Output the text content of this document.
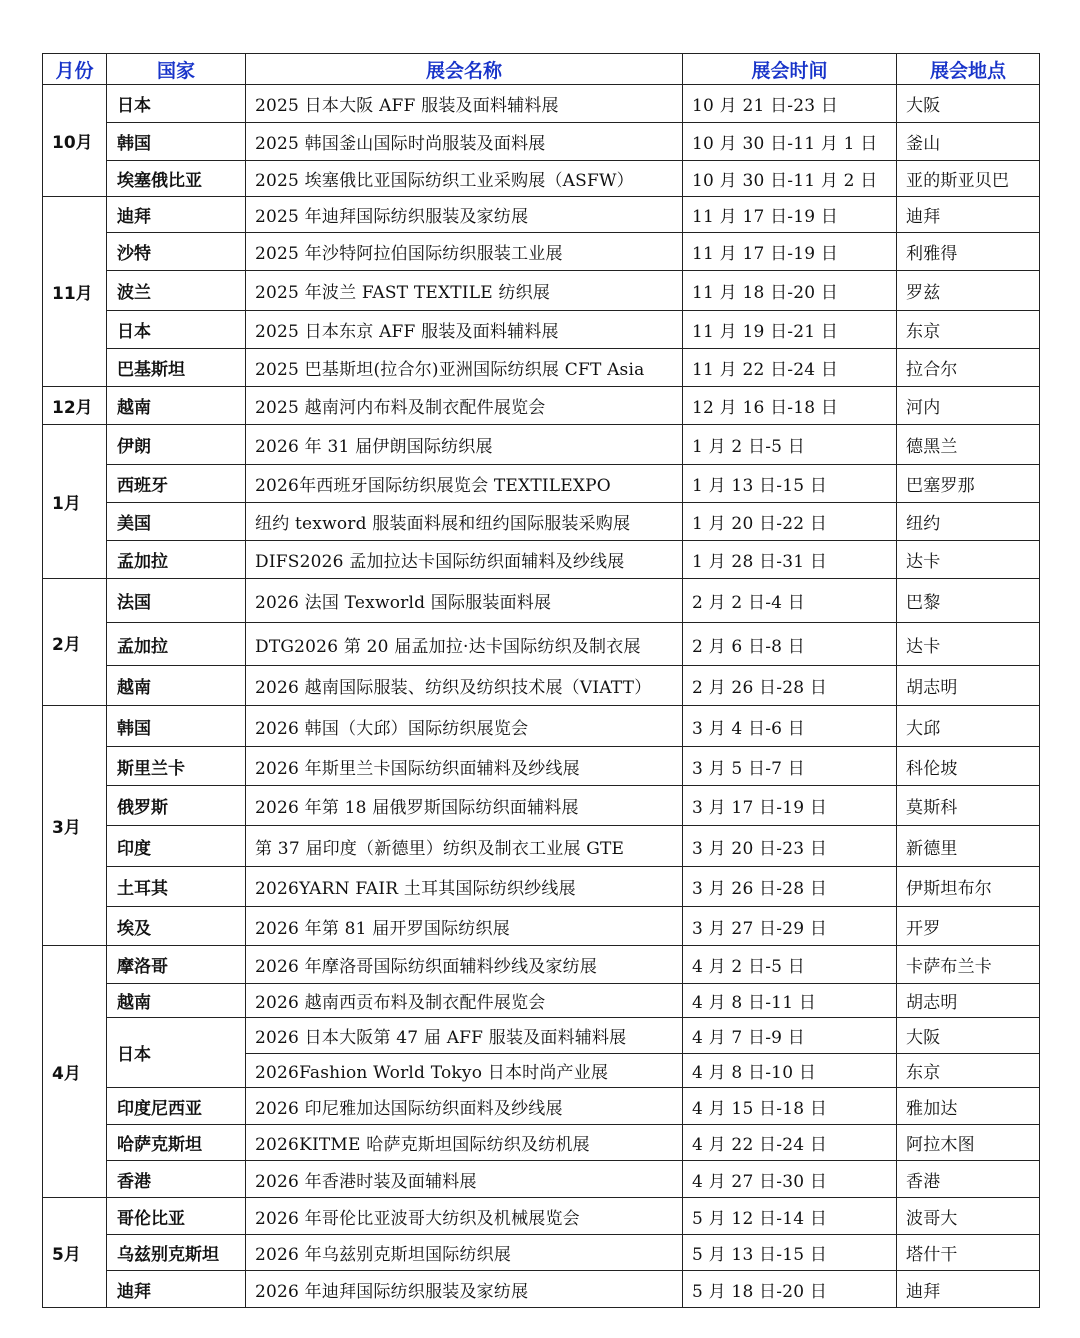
月份	国家	展会名称	展会时间	展会地点
10月	日本	2025 日本大阪 AFF 服装及面料辅料展	10 月 21 日-23 日	大阪
	韩国	2025 韩国釜山国际时尚服装及面料展	10 月 30 日-11 月 1 日	釜山
	埃塞俄比亚	2025 埃塞俄比亚国际纺织工业采购展（ASFW）	10 月 30 日-11 月 2 日	亚的斯亚贝巴
11月	迪拜	2025 年迪拜国际纺织服装及家纺展	11 月 17 日-19 日	迪拜
	沙特	2025 年沙特阿拉伯国际纺织服装工业展	11 月 17 日-19 日	利雅得
	波兰	2025 年波兰 FAST TEXTILE 纺织展	11 月 18 日-20 日	罗兹
	日本	2025 日本东京 AFF 服装及面料辅料展	11 月 19 日-21 日	东京
	巴基斯坦	2025 巴基斯坦(拉合尔)亚洲国际纺织展 CFT Asia	11 月 22 日-24 日	拉合尔
12月	越南	2025 越南河内布料及制衣配件展览会	12 月 16 日-18 日	河内
1月	伊朗	2026 年 31 届伊朗国际纺织展	1 月 2 日-5 日	德黑兰
	西班牙	2026年西班牙国际纺织展览会 TEXTILEXPO	1 月 13 日-15 日	巴塞罗那
	美国	纽约 texword 服装面料展和纽约国际服装采购展	1 月 20 日-22 日	纽约
	孟加拉	DIFS2026 孟加拉达卡国际纺织面辅料及纱线展	1 月 28 日-31 日	达卡
2月	法国	2026 法国 Texworld 国际服装面料展	2 月 2 日-4 日	巴黎
	孟加拉	DTG2026 第 20 届孟加拉·达卡国际纺织及制衣展	2 月 6 日-8 日	达卡
	越南	2026 越南国际服装、纺织及纺织技术展（VIATT）	2 月 26 日-28 日	胡志明
3月	韩国	2026 韩国（大邱）国际纺织展览会	3 月 4 日-6 日	大邱
	斯里兰卡	2026 年斯里兰卡国际纺织面辅料及纱线展	3 月 5 日-7 日	科伦坡
	俄罗斯	2026 年第 18 届俄罗斯国际纺织面辅料展	3 月 17 日-19 日	莫斯科
	印度	第 37 届印度（新德里）纺织及制衣工业展 GTE	3 月 20 日-23 日	新德里
	土耳其	2026YARN FAIR 土耳其国际纺织纱线展	3 月 26 日-28 日	伊斯坦布尔
	埃及	2026 年第 81 届开罗国际纺织展	3 月 27 日-29 日	开罗
4月	摩洛哥	2026 年摩洛哥国际纺织面辅料纱线及家纺展	4 月 2 日-5 日	卡萨布兰卡
	越南	2026 越南西贡布料及制衣配件展览会	4 月 8 日-11 日	胡志明
	日本	2026 日本大阪第 47 届 AFF 服装及面料辅料展	4 月 7 日-9 日	大阪
		2026Fashion World Tokyo 日本时尚产业展	4 月 8 日-10 日	东京
	印度尼西亚	2026 印尼雅加达国际纺织面料及纱线展	4 月 15 日-18 日	雅加达
	哈萨克斯坦	2026KITME 哈萨克斯坦国际纺织及纺机展	4 月 22 日-24 日	阿拉木图
	香港	2026 年香港时装及面辅料展	4 月 27 日-30 日	香港
5月	哥伦比亚	2026 年哥伦比亚波哥大纺织及机械展览会	5 月 12 日-14 日	波哥大
	乌兹别克斯坦	2026 年乌兹别克斯坦国际纺织展	5 月 13 日-15 日	塔什干
	迪拜	2026 年迪拜国际纺织服装及家纺展	5 月 18 日-20 日	迪拜
